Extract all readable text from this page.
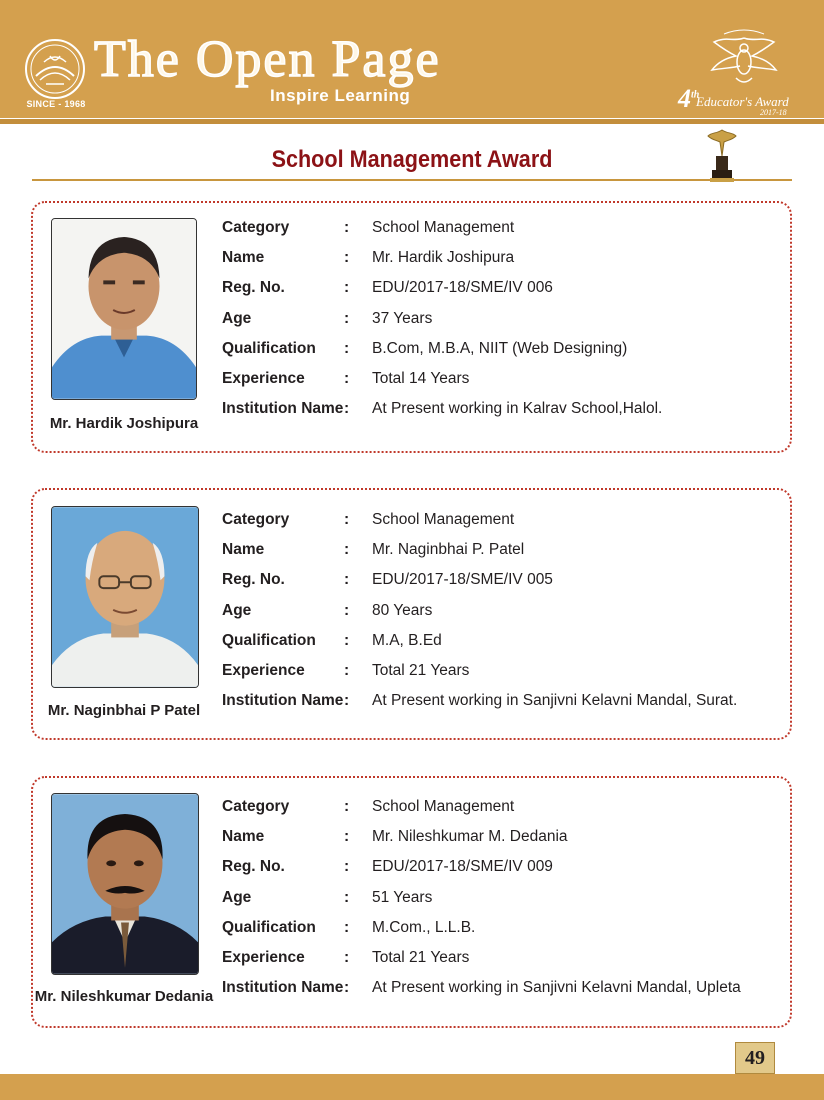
SINCE - 1968
The Open Page
Inspire Learning	4th
Educator's Award
2017-18
School Management Award
Mr. Hardik Joshipura
Category	:	School Management
Name	:	Mr. Hardik Joshipura
Reg. No.	:	EDU/2017-18/SME/IV 006
Age	:	37 Years
Qualification	:	B.Com, M.B.A, NIIT (Web Designing)
Experience	:	Total 14 Years
Institution Name	:	At Present working in Kalrav School,Halol.
Mr. Naginbhai P Patel
Category	:	School Management
Name	:	Mr. Naginbhai P. Patel
Reg. No.	:	EDU/2017-18/SME/IV 005
Age	:	80 Years
Qualification	:	M.A, B.Ed
Experience	:	Total 21 Years
Institution Name	:	At Present working in Sanjivni Kelavni Mandal, Surat.
Mr. Nileshkumar Dedania
Category	:	School Management
Name	:	Mr. Nileshkumar M. Dedania
Reg. No.	:	EDU/2017-18/SME/IV 009
Age	:	51 Years
Qualification	:	M.Com., L.L.B.
Experience	:	Total 21 Years
Institution Name	:	At Present working in Sanjivni Kelavni Mandal, Upleta
49
